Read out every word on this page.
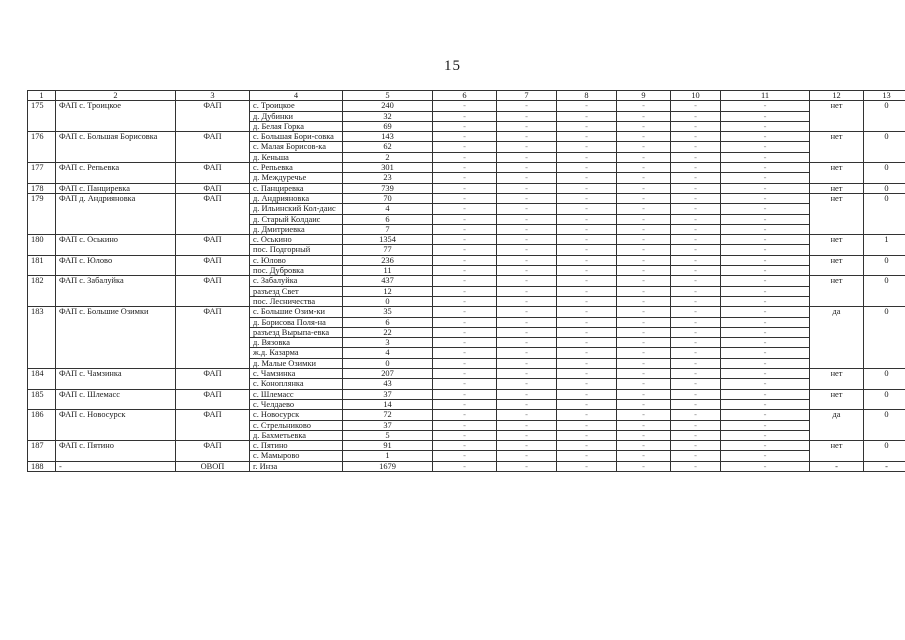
15
1	2	3	4	5	6	7	8	9	10	11	12	13
175	ФАП с. Троицкое	ФАП	с. Троицкое	240	-	-	-	-	-	-	нет	0
			д. Дубинки	32	-	-	-	-	-	-		
			д. Белая Горка	69	-	-	-	-	-	-		
176	ФАП с. Большая Борисовка	ФАП	с. Большая Бори-совка	143	-	-	-	-	-	-	нет	0
			с. Малая Борисов-ка	62	-	-	-	-	-	-		
			д. Кеньша	2	-	-	-	-	-	-		
177	ФАП с. Репьевка	ФАП	с. Репьевка	301	-	-	-	-	-	-	нет	0
			д. Междуречье	23	-	-	-	-	-	-		
178	ФАП с. Панциревка	ФАП	с. Панциревка	739	-	-	-	-	-	-	нет	0
179	ФАП д. Андрияновка	ФАП	д. Андрияновка	70	-	-	-	-	-	-	нет	0
			д. Ильинский Кол-даис	4	-	-	-	-	-	-		
			д. Старый Колдаис	6	-	-	-	-	-	-		
			д. Дмитриевка	7	-	-	-	-	-	-		
180	ФАП с. Оськино	ФАП	с. Оськино	1354	-	-	-	-	-	-	нет	1
			пос. Подгорный	77	-	-	-	-	-	-		
181	ФАП с. Юлово	ФАП	с. Юлово	236	-	-	-	-	-	-	нет	0
			пос. Дубровка	11	-	-	-	-	-	-		
182	ФАП с. Забалуйка	ФАП	с. Забалуйка	437	-	-	-	-	-	-	нет	0
			разъезд Свет	12	-	-	-	-	-	-		
			пос. Лесничества	0	-	-	-	-	-	-		
183	ФАП с. Большие Озимки	ФАП	с. Большие Озим-ки	35	-	-	-	-	-	-	да	0
			д. Борисова Поля-на	6	-	-	-	-	-	-		
			разъезд Вырыпа-евка	22	-	-	-	-	-	-		
			д. Вязовка	3	-	-	-	-	-	-		
			ж.д. Казарма	4	-	-	-	-	-	-		
			д. Малые Озимки	0	-	-	-	-	-	-		
184	ФАП с. Чамзинка	ФАП	с. Чамзинка	207	-	-	-	-	-	-	нет	0
			с. Коноплянка	43	-	-	-	-	-	-		
185	ФАП с. Шлемасс	ФАП	с. Шлемасс	37	-	-	-	-	-	-	нет	0
			с. Челдаево	14	-	-	-	-	-	-		
186	ФАП с. Новосурск	ФАП	с. Новосурск	72	-	-	-	-	-	-	да	0
			с. Стрельниково	37	-	-	-	-	-	-		
			д. Бахметьевка	5	-	-	-	-	-	-		
187	ФАП с. Пятино	ФАП	с. Пятино	91	-	-	-	-	-	-	нет	0
			с. Мамырово	1	-	-	-	-	-	-		
188	-	ОВОП	г. Инза	1679	-	-	-	-	-	-	-	-
